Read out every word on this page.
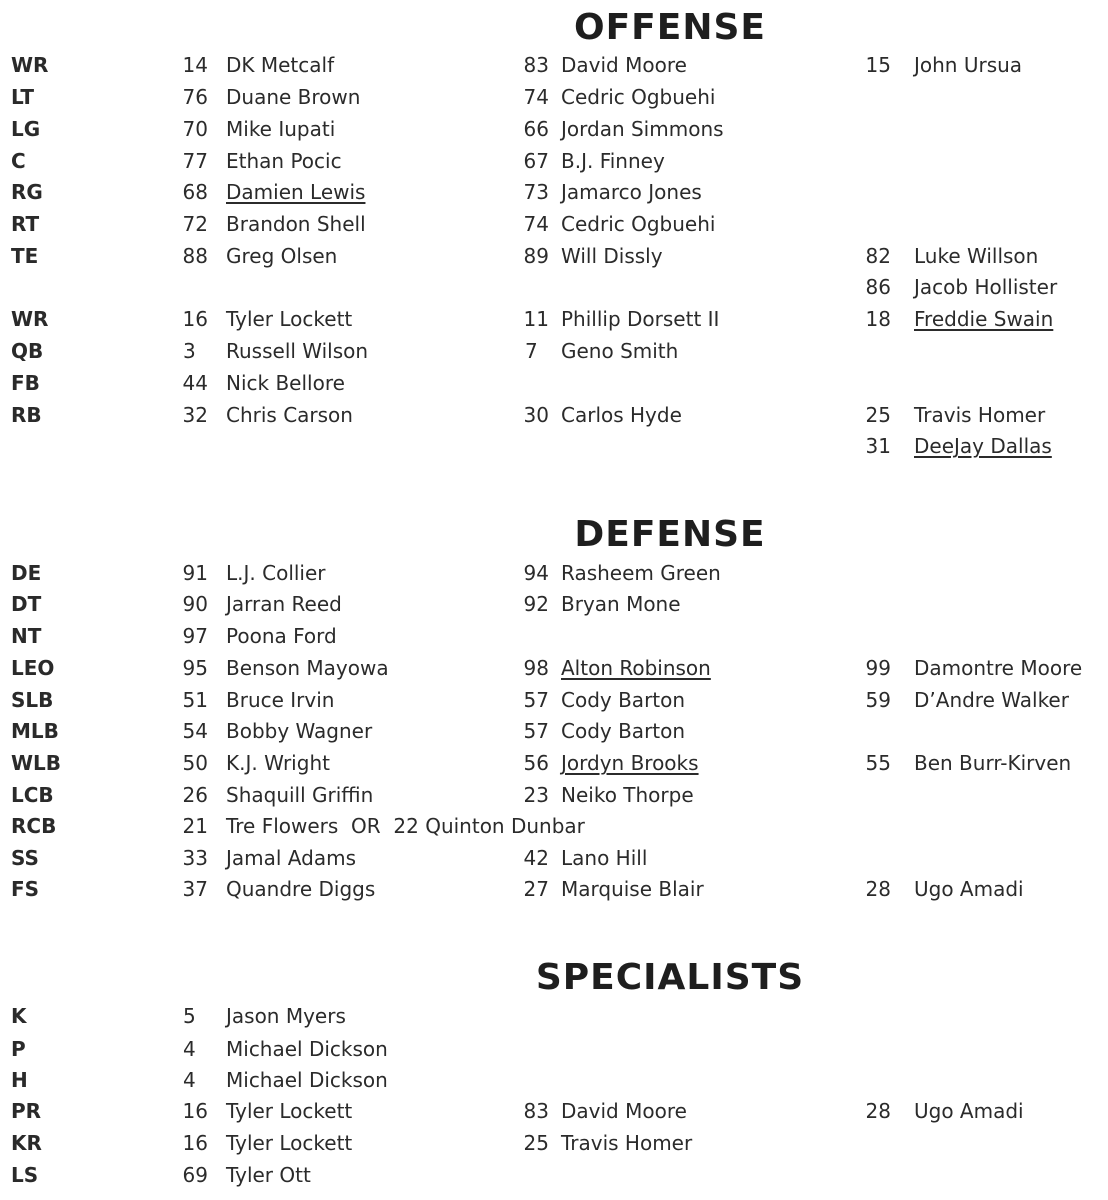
OFFENSE
WR	14 DK Metcalf	83 David Moore	15 John Ursua
LT	76 Duane Brown	74 Cedric Ogbuehi
LG	70 Mike Iupati	66 Jordan Simmons
C	77 Ethan Pocic	67 B.J. Finney
RG	68 Damien Lewis	73 Jamarco Jones
RT	72 Brandon Shell	74 Cedric Ogbuehi
TE	88 Greg Olsen	89 Will Dissly	82 Luke Willson
86 Jacob Hollister
WR	16 Tyler Lockett	11 Phillip Dorsett II	18 Freddie Swain
QB	3	Russell Wilson	7	Geno Smith
FB	44 Nick Bellore
RB	32 Chris Carson	30 Carlos Hyde	25 Travis Homer
31 DeeJay Dallas
DEFENSE
DE	91 L.J. Collier	94 Rasheem Green
DT	90 Jarran Reed	92 Bryan Mone
NT	97 Poona Ford
LEO	95 Benson Mayowa	98 Alton Robinson	99 Damontre Moore
SLB	51 Bruce Irvin	57 Cody Barton	59 D’Andre Walker
MLB	54 Bobby Wagner	57 Cody Barton
WLB	50 K.J. Wright	56 Jordyn Brooks	55 Ben Burr-Kirven
LCB	26 Shaquill Griffin	23 Neiko Thorpe
RCB	21 Tre Flowers  OR  22 Quinton Dunbar
SS	33 Jamal Adams	42 Lano Hill
FS	37 Quandre Diggs	27 Marquise Blair	28 Ugo Amadi
SPECIALISTS
K	5	Jason Myers
P	4	Michael Dickson
H	4	Michael Dickson
PR	16 Tyler Lockett	83 David Moore	28 Ugo Amadi
KR	16 Tyler Lockett	25 Travis Homer
LS	69 Tyler Ott
